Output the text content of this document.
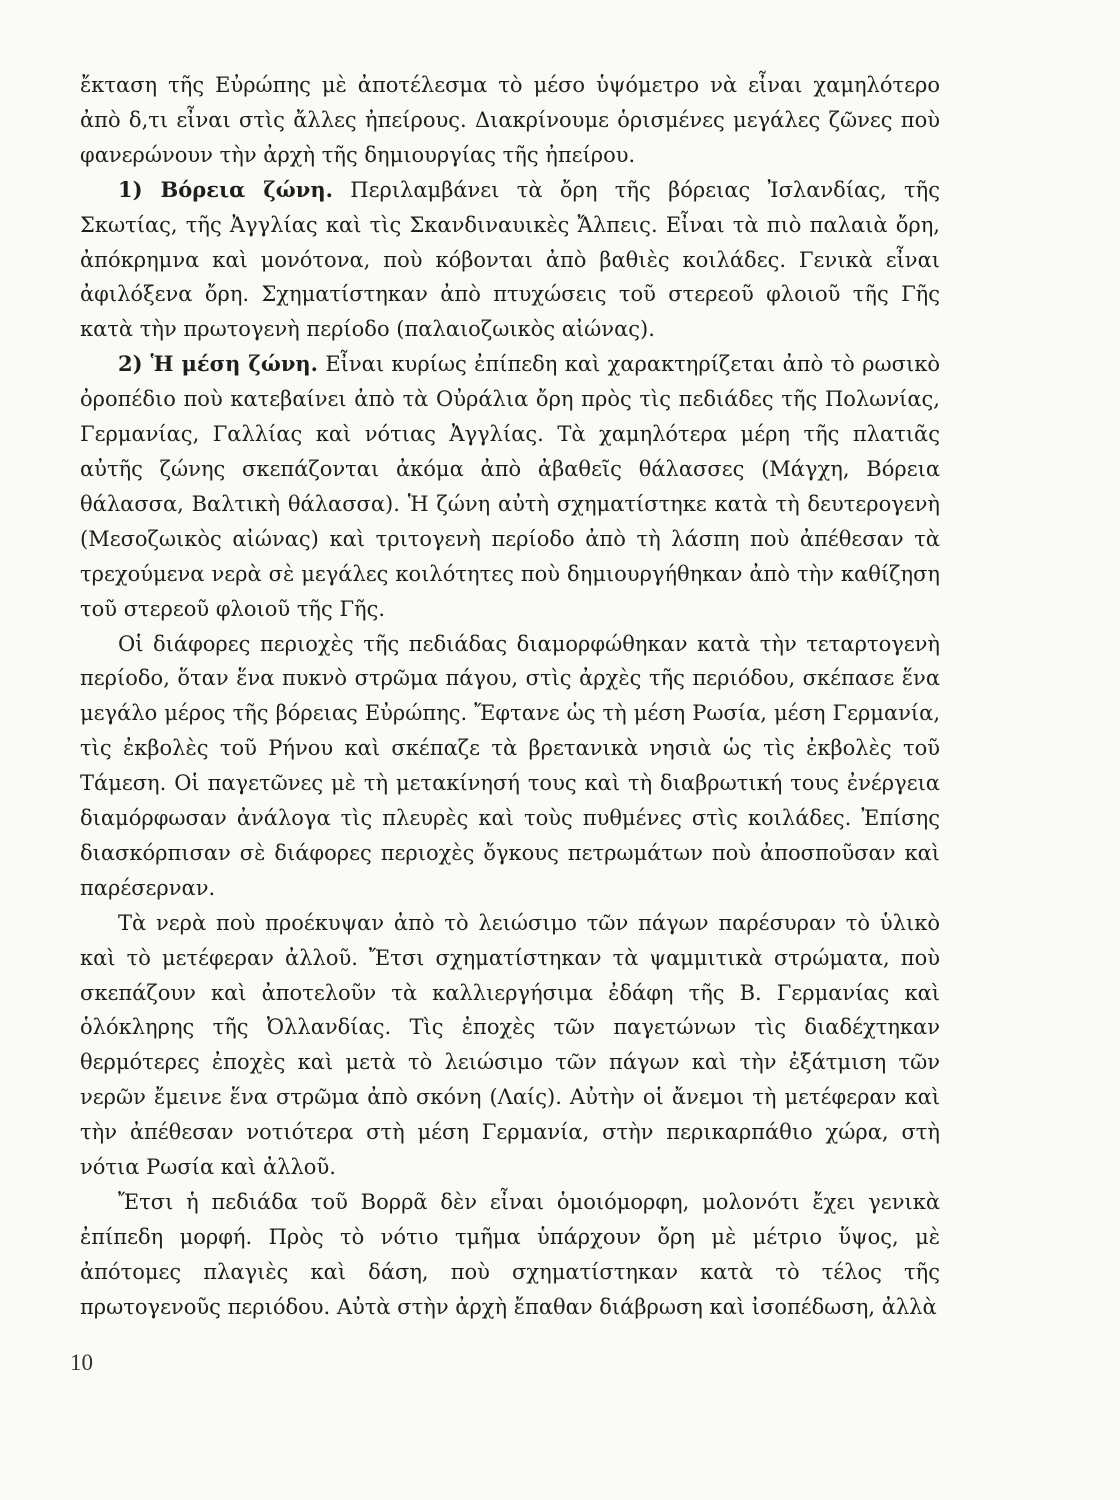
ἔκταση τῆς Εὐρώπης μὲ ἀποτέλεσμα τὸ μέσο ὑψόμετρο νὰ εἶναι χαμηλότερο ἀπὸ δ,τι εἶναι στὶς ἄλλες ἠπείρους. Διακρίνουμε ὁρισμένες μεγάλες ζῶνες ποὺ φανερώνουν τὴν ἀρχὴ τῆς δημιουργίας τῆς ἠπείρου.

1) Βόρεια ζώνη. Περιλαμβάνει τὰ ὄρη τῆς βόρειας Ἰσλανδίας, τῆς Σκωτίας, τῆς Ἀγγλίας καὶ τὶς Σκανδιναυικὲς Ἄλπεις. Εἶναι τὰ πιὸ παλαιὰ ὄρη, ἀπόκρημνα καὶ μονότονα, ποὺ κόβονται ἀπὸ βαθιὲς κοιλάδες. Γενικὰ εἶναι ἀφιλόξενα ὄρη. Σχηματίστηκαν ἀπὸ πτυχώσεις τοῦ στερεοῦ φλοιοῦ τῆς Γῆς κατὰ τὴν πρωτογενὴ περίοδο (παλαιοζωικὸς αἰώνας).

2) Ἡ μέση ζώνη. Εἶναι κυρίως ἐπίπεδη καὶ χαρακτηρίζεται ἀπὸ τὸ ρωσικὸ ὀροπέδιο ποὺ κατεβαίνει ἀπὸ τὰ Οὐράλια ὄρη πρὸς τὶς πεδιάδες τῆς Πολωνίας, Γερμανίας, Γαλλίας καὶ νότιας Ἀγγλίας. Τὰ χαμηλότερα μέρη τῆς πλατιᾶς αὐτῆς ζώνης σκεπάζονται ἀκόμα ἀπὸ ἀβαθεῖς θάλασσες (Μάγχη, Βόρεια θάλασσα, Βαλτικὴ θάλασσα). Ἡ ζώνη αὐτὴ σχηματίστηκε κατὰ τὴ δευτερογενὴ (Μεσοζωικὸς αἰώνας) καὶ τριτογενὴ περίοδο ἀπὸ τὴ λάσπη ποὺ ἀπέθεσαν τὰ τρεχούμενα νερὰ σὲ μεγάλες κοιλότητες ποὺ δημιουργήθηκαν ἀπὸ τὴν καθίζηση τοῦ στερεοῦ φλοιοῦ τῆς Γῆς.

Οἱ διάφορες περιοχὲς τῆς πεδιάδας διαμορφώθηκαν κατὰ τὴν τεταρτογενὴ περίοδο, ὅταν ἕνα πυκνὸ στρῶμα πάγου, στὶς ἀρχὲς τῆς περιόδου, σκέπασε ἕνα μεγάλο μέρος τῆς βόρειας Εὐρώπης. Ἔφτανε ὡς τὴ μέση Ρωσία, μέση Γερμανία, τὶς ἐκβολὲς τοῦ Ρήνου καὶ σκέπαζε τὰ βρετανικὰ νησιὰ ὡς τὶς ἐκβολὲς τοῦ Τάμεση. Οἱ παγετῶνες μὲ τὴ μετακίνησή τους καὶ τὴ διαβρωτική τους ἐνέργεια διαμόρφωσαν ἀνάλογα τὶς πλευρὲς καὶ τοὺς πυθμένες στὶς κοιλάδες. Ἐπίσης διασκόρπισαν σὲ διάφορες περιοχὲς ὄγκους πετρωμάτων ποὺ ἀποσποῦσαν καὶ παρέσερναν.

Τὰ νερὰ ποὺ προέκυψαν ἀπὸ τὸ λειώσιμο τῶν πάγων παρέσυραν τὸ ὑλικὸ καὶ τὸ μετέφεραν ἀλλοῦ. Ἔτσι σχηματίστηκαν τὰ ψαμμιτικὰ στρώματα, ποὺ σκεπάζουν καὶ ἀποτελοῦν τὰ καλλιεργήσιμα ἐδάφη τῆς Β. Γερμανίας καὶ ὁλόκληρης τῆς Ὀλλανδίας. Τὶς ἐποχὲς τῶν παγετώνων τὶς διαδέχτηκαν θερμότερες ἐποχὲς καὶ μετὰ τὸ λειώσιμο τῶν πάγων καὶ τὴν ἐξάτμιση τῶν νερῶν ἔμεινε ἕνα στρῶμα ἀπὸ σκόνη (Λαίς). Αὐτὴν οἱ ἄνεμοι τὴ μετέφεραν καὶ τὴν ἀπέθεσαν νοτιότερα στὴ μέση Γερμανία, στὴν περικαρπάθιο χώρα, στὴ νότια Ρωσία καὶ ἀλλοῦ.

Ἔτσι ἡ πεδιάδα τοῦ Βορρᾶ δὲν εἶναι ὁμοιόμορφη, μολονότι ἔχει γενικὰ ἐπίπεδη μορφή. Πρὸς τὸ νότιο τμῆμα ὑπάρχουν ὄρη μὲ μέτριο ὕψος, μὲ ἀπότομες πλαγιὲς καὶ δάση, ποὺ σχηματίστηκαν κατὰ τὸ τέλος τῆς πρωτογενοῦς περιόδου. Αὐτὰ στὴν ἀρχὴ ἔπαθαν διάβρωση καὶ ἰσοπέδωση, ἀλλὰ

10
